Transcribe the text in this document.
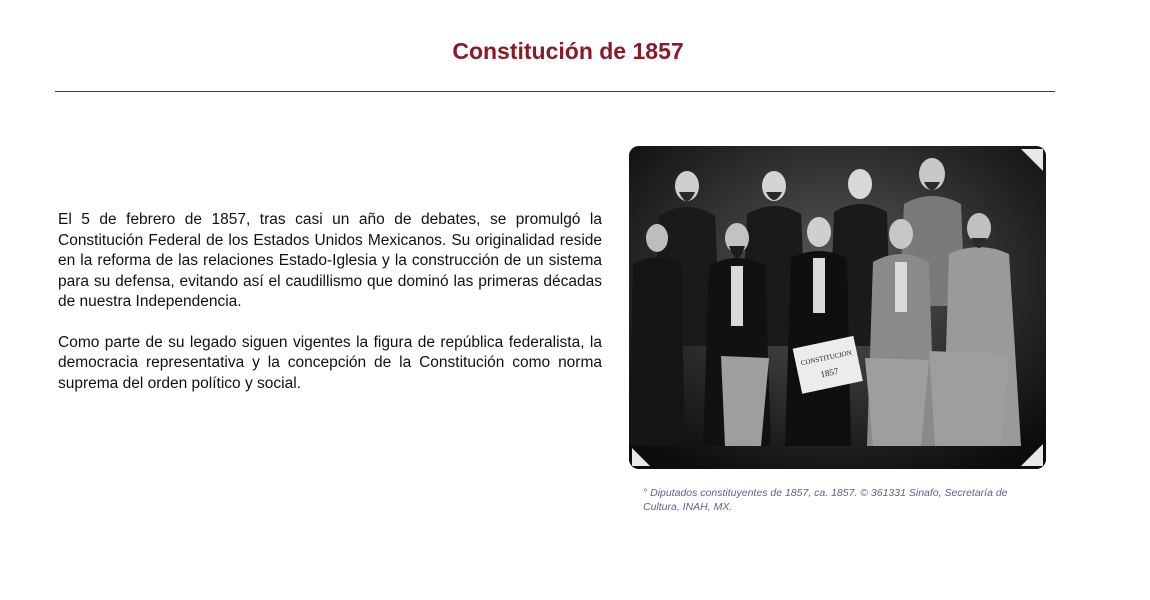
Constitución de 1857

El 5 de febrero de 1857, tras casi un año de debates, se promulgó la Constitución Federal de los Estados Unidos Mexicanos. Su originalidad reside en la reforma de las relaciones Estado-Iglesia y la construcción de un sistema para su defensa, evitando así el caudillismo que dominó las primeras décadas de nuestra Independencia.

Como parte de su legado siguen vigentes la figura de república federalista, la democracia representativa y la concepción de la Constitución como norma suprema del orden político y social.

CONSTITUCION
1857
° Diputados constituyentes de 1857, ca. 1857. © 361331 Sinafo, Secretaría de Cultura, INAH, MX.
